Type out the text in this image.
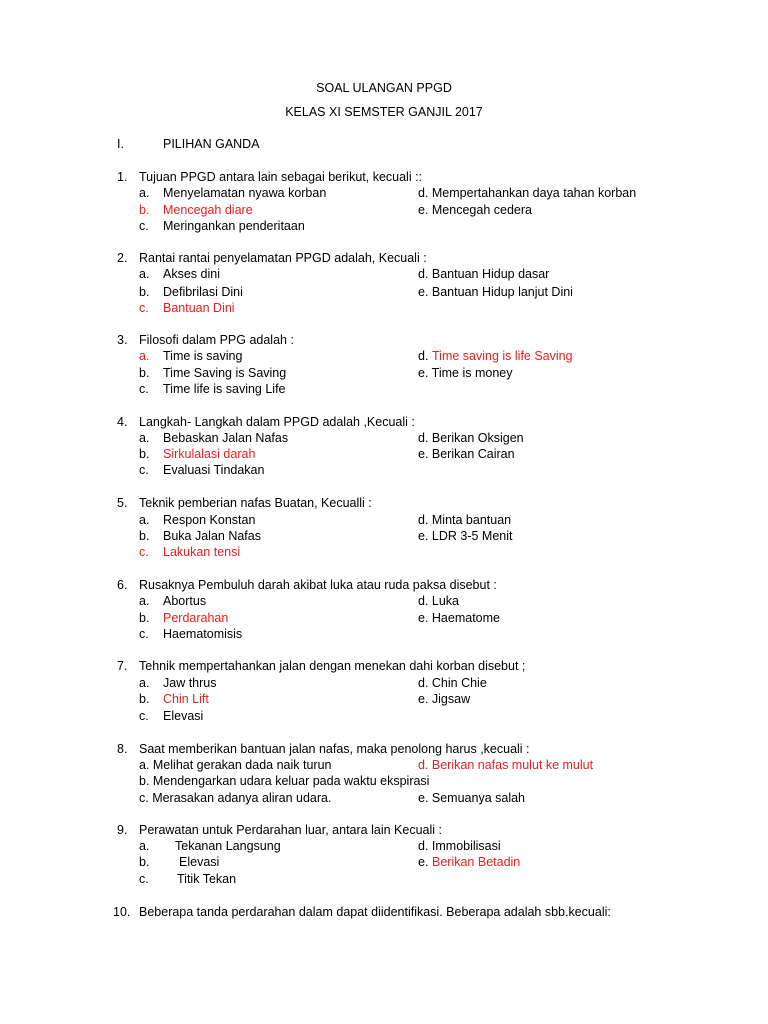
SOAL ULANGAN PPGD
KELAS XI SEMSTER GANJIL 2017
I.	PILIHAN GANDA
1. Tujuan PPGD antara lain sebagai berikut, kecuali ::
a. Menyelamatan nyawa korban	d. Mempertahankan daya tahan korban
b. Mencegah diare	e. Mencegah cedera
c. Meringankan penderitaan
2. Rantai rantai penyelamatan PPGD adalah, Kecuali :
a. Akses dini	d. Bantuan Hidup dasar
b. Defibrilasi Dini	e. Bantuan Hidup lanjut Dini
c. Bantuan Dini
3. Filosofi dalam PPG adalah :
a. Time is saving	d. Time saving is life Saving
b. Time Saving is Saving	e. Time is money
c. Time life is saving Life
4. Langkah- Langkah dalam PPGD adalah ,Kecuali :
a. Bebaskan Jalan Nafas	d. Berikan Oksigen
b. Sirkulalasi darah	e. Berikan Cairan
c. Evaluasi Tindakan
5. Teknik pemberian nafas Buatan, Kecualli :
a. Respon Konstan	d. Minta bantuan
b. Buka Jalan Nafas	e. LDR 3-5 Menit
c. Lakukan tensi
6. Rusaknya Pembuluh darah akibat luka atau ruda paksa disebut :
a. Abortus	d. Luka
b. Perdarahan	e. Haematome
c. Haematomisis
7. Tehnik mempertahankan jalan dengan menekan dahi korban disebut ;
a. Jaw thrus	d. Chin Chie
b. Chin Lift	e. Jigsaw
c. Elevasi
8. Saat memberikan bantuan jalan nafas, maka penolong harus ,kecuali :
a. Melihat gerakan dada naik turun	d. Berikan nafas mulut ke mulut
b. Mendengarkan udara keluar pada waktu ekspirasi
c. Merasakan adanya aliran udara.	e. Semuanya salah
9. Perawatan untuk Perdarahan luar, antara lain Kecuali :
a. Tekanan Langsung	d. Immobilisasi
b. Elevasi	e. Berikan Betadin
c. Titik Tekan
10. Beberapa tanda perdarahan dalam dapat diidentifikasi. Beberapa adalah sbb.kecuali:
